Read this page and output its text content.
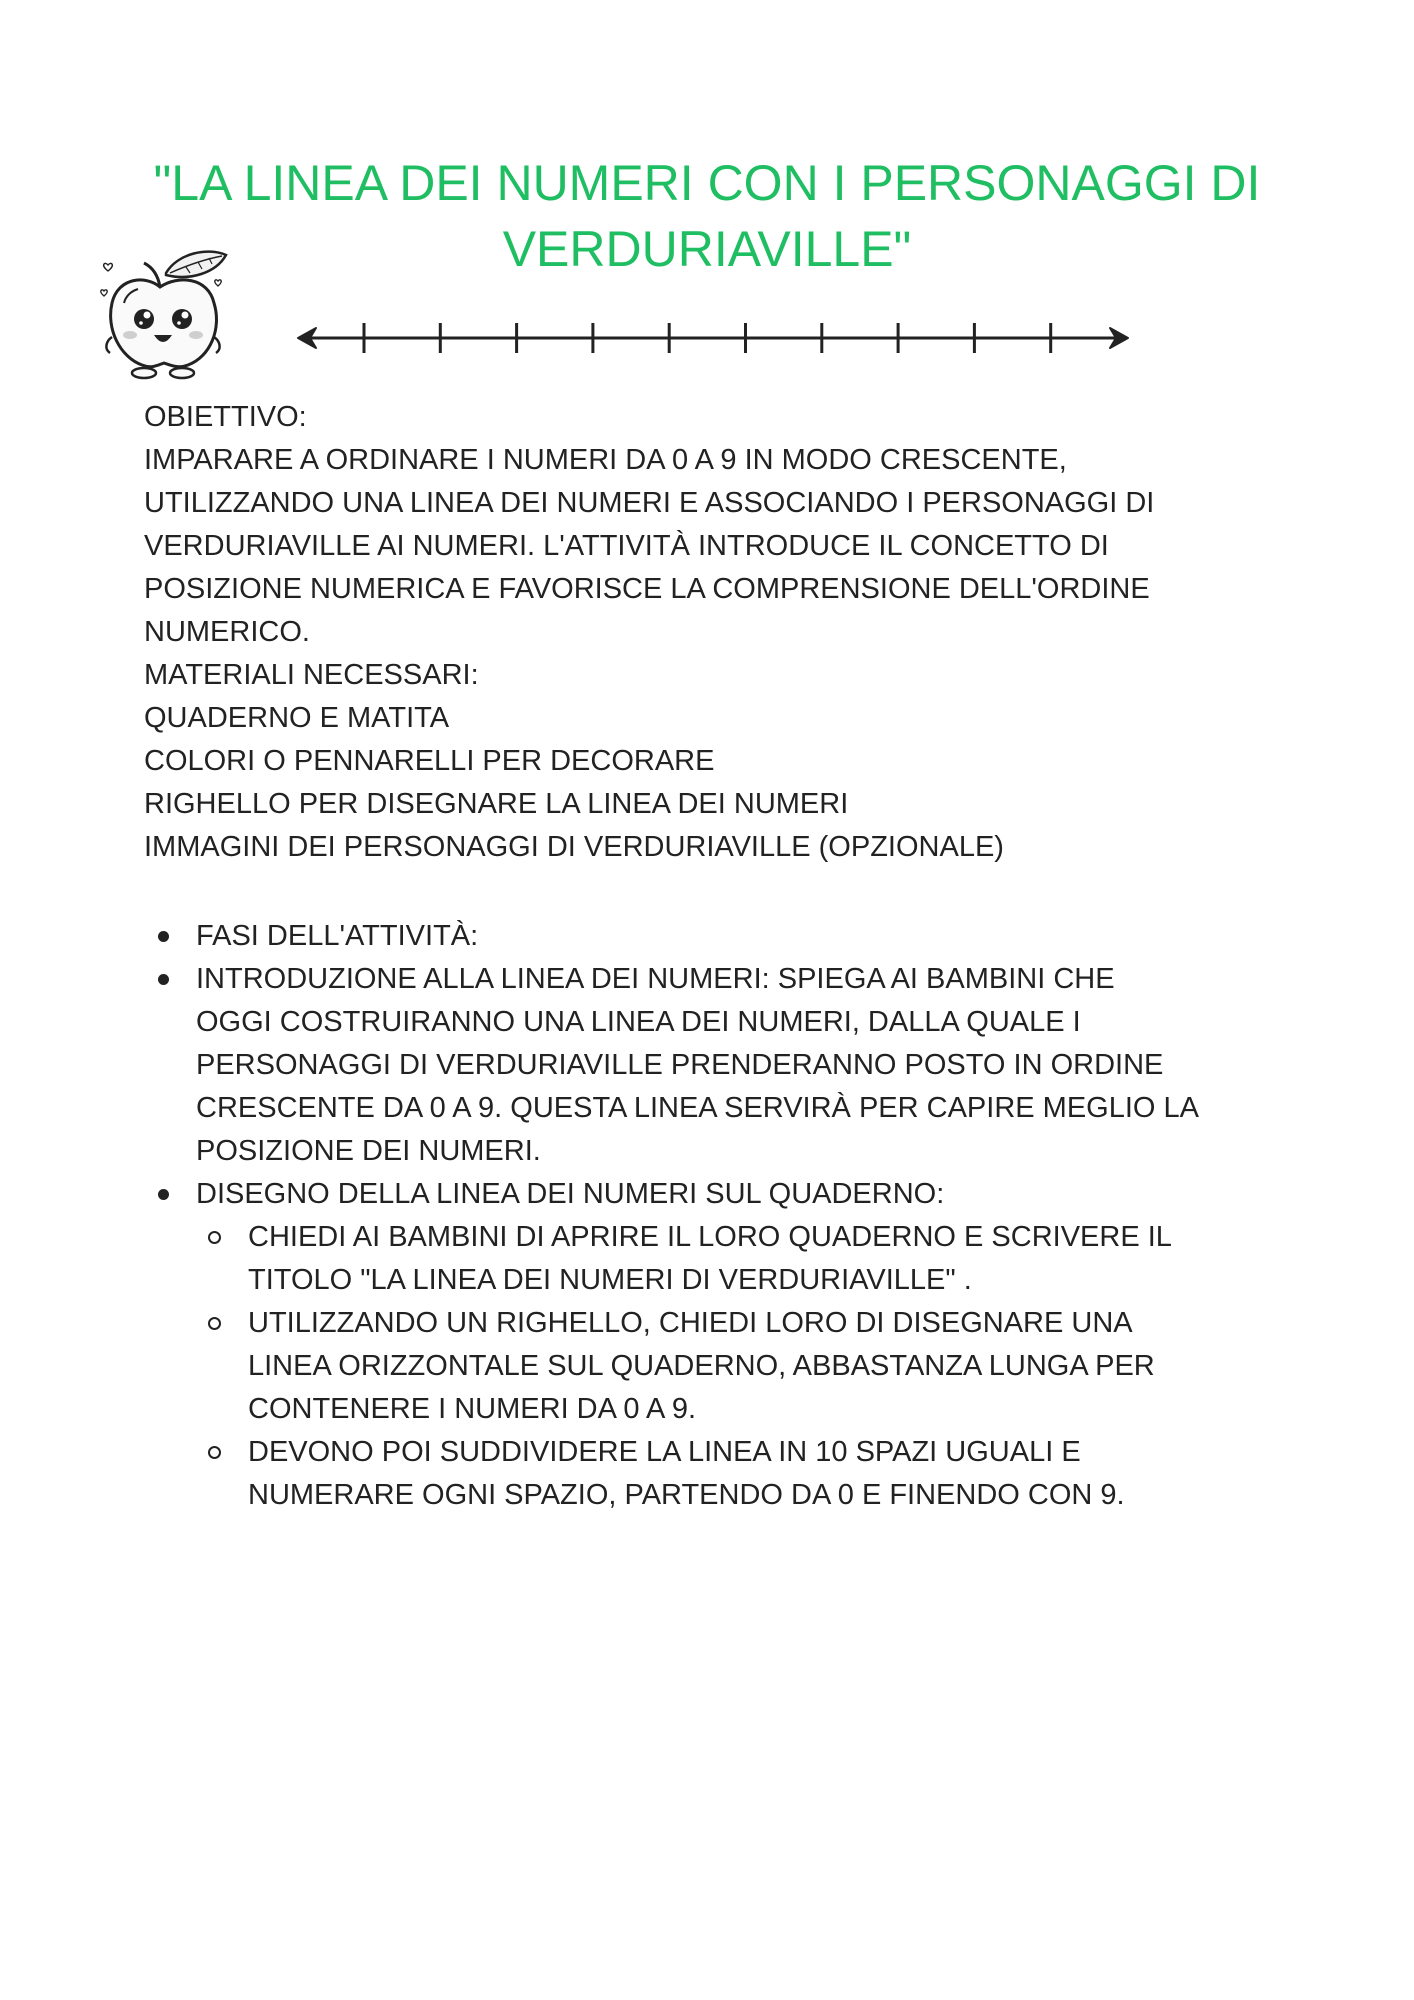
"LA LINEA DEI NUMERI CON I PERSONAGGI DI
VERDURIAVILLE"

OBIETTIVO:

IMPARARE A ORDINARE I NUMERI DA 0 A 9 IN MODO CRESCENTE,

UTILIZZANDO UNA LINEA DEI NUMERI E ASSOCIANDO I PERSONAGGI DI

VERDURIAVILLE AI NUMERI. L'ATTIVITÀ INTRODUCE IL CONCETTO DI

POSIZIONE NUMERICA E FAVORISCE LA COMPRENSIONE DELL'ORDINE

NUMERICO.

MATERIALI NECESSARI:

QUADERNO E MATITA

COLORI O PENNARELLI PER DECORARE

RIGHELLO PER DISEGNARE LA LINEA DEI NUMERI

IMMAGINI DEI PERSONAGGI DI VERDURIAVILLE (OPZIONALE)

FASI DELL'ATTIVITÀ:
INTRODUZIONE ALLA LINEA DEI NUMERI: SPIEGA AI BAMBINI CHE
OGGI COSTRUIRANNO UNA LINEA DEI NUMERI, DALLA QUALE I
PERSONAGGI DI VERDURIAVILLE PRENDERANNO POSTO IN ORDINE
CRESCENTE DA 0 A 9. QUESTA LINEA SERVIRÀ PER CAPIRE MEGLIO LA
POSIZIONE DEI NUMERI.
DISEGNO DELLA LINEA DEI NUMERI SUL QUADERNO:
CHIEDI AI BAMBINI DI APRIRE IL LORO QUADERNO E SCRIVERE IL
TITOLO "LA LINEA DEI NUMERI DI VERDURIAVILLE" .
UTILIZZANDO UN RIGHELLO, CHIEDI LORO DI DISEGNARE UNA
LINEA ORIZZONTALE SUL QUADERNO, ABBASTANZA LUNGA PER
CONTENERE I NUMERI DA 0 A 9.
DEVONO POI SUDDIVIDERE LA LINEA IN 10 SPAZI UGUALI E
NUMERARE OGNI SPAZIO, PARTENDO DA 0 E FINENDO CON 9.
